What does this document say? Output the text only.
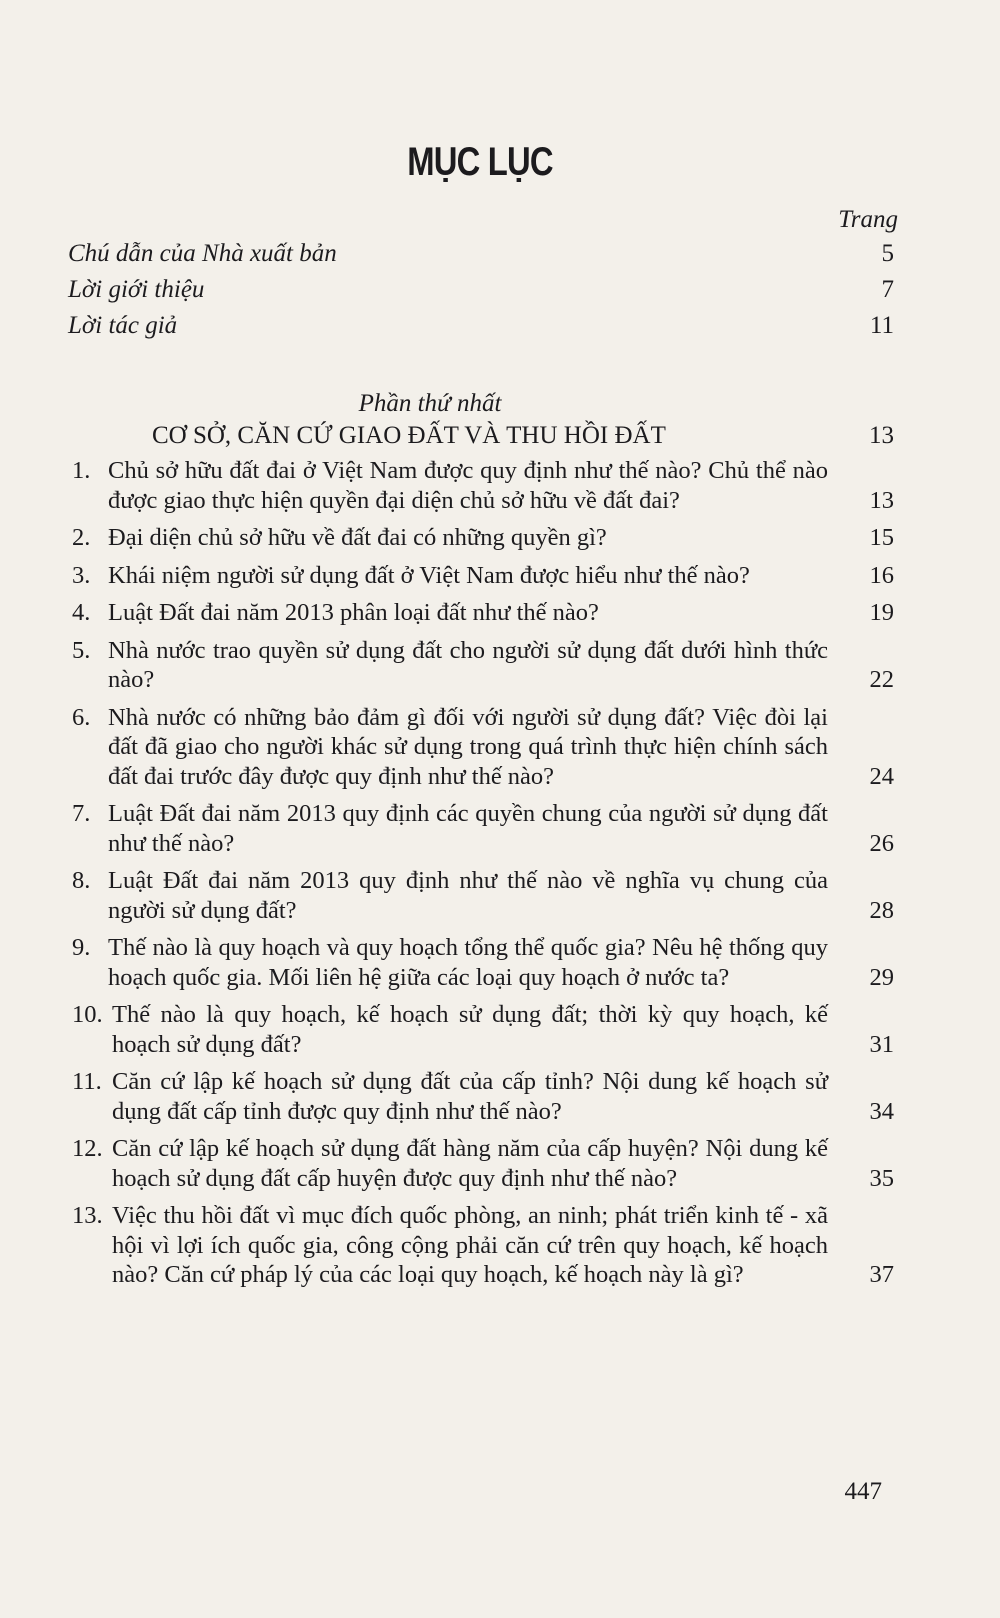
MỤC LỤC
Trang
Chú dẫn của Nhà xuất bản	5
Lời giới thiệu	7
Lời tác giả	11
Phần thứ nhất
CƠ SỞ, CĂN CỨ GIAO ĐẤT VÀ THU HỒI ĐẤT	13
1. Chủ sở hữu đất đai ở Việt Nam được quy định như thế nào? Chủ thể nào được giao thực hiện quyền đại diện chủ sở hữu về đất đai?	13
2. Đại diện chủ sở hữu về đất đai có những quyền gì?	15
3. Khái niệm người sử dụng đất ở Việt Nam được hiểu như thế nào?	16
4. Luật Đất đai năm 2013 phân loại đất như thế nào?	19
5. Nhà nước trao quyền sử dụng đất cho người sử dụng đất dưới hình thức nào?	22
6. Nhà nước có những bảo đảm gì đối với người sử dụng đất? Việc đòi lại đất đã giao cho người khác sử dụng trong quá trình thực hiện chính sách đất đai trước đây được quy định như thế nào?	24
7. Luật Đất đai năm 2013 quy định các quyền chung của người sử dụng đất như thế nào?	26
8. Luật Đất đai năm 2013 quy định như thế nào về nghĩa vụ chung của người sử dụng đất?	28
9. Thế nào là quy hoạch và quy hoạch tổng thể quốc gia? Nêu hệ thống quy hoạch quốc gia. Mối liên hệ giữa các loại quy hoạch ở nước ta?	29
10. Thế nào là quy hoạch, kế hoạch sử dụng đất; thời kỳ quy hoạch, kế hoạch sử dụng đất?	31
11. Căn cứ lập kế hoạch sử dụng đất của cấp tỉnh? Nội dung kế hoạch sử dụng đất cấp tỉnh được quy định như thế nào?	34
12. Căn cứ lập kế hoạch sử dụng đất hàng năm của cấp huyện? Nội dung kế hoạch sử dụng đất cấp huyện được quy định như thế nào?	35
13. Việc thu hồi đất vì mục đích quốc phòng, an ninh; phát triển kinh tế - xã hội vì lợi ích quốc gia, công cộng phải căn cứ trên quy hoạch, kế hoạch nào? Căn cứ pháp lý của các loại quy hoạch, kế hoạch này là gì?	37
447
